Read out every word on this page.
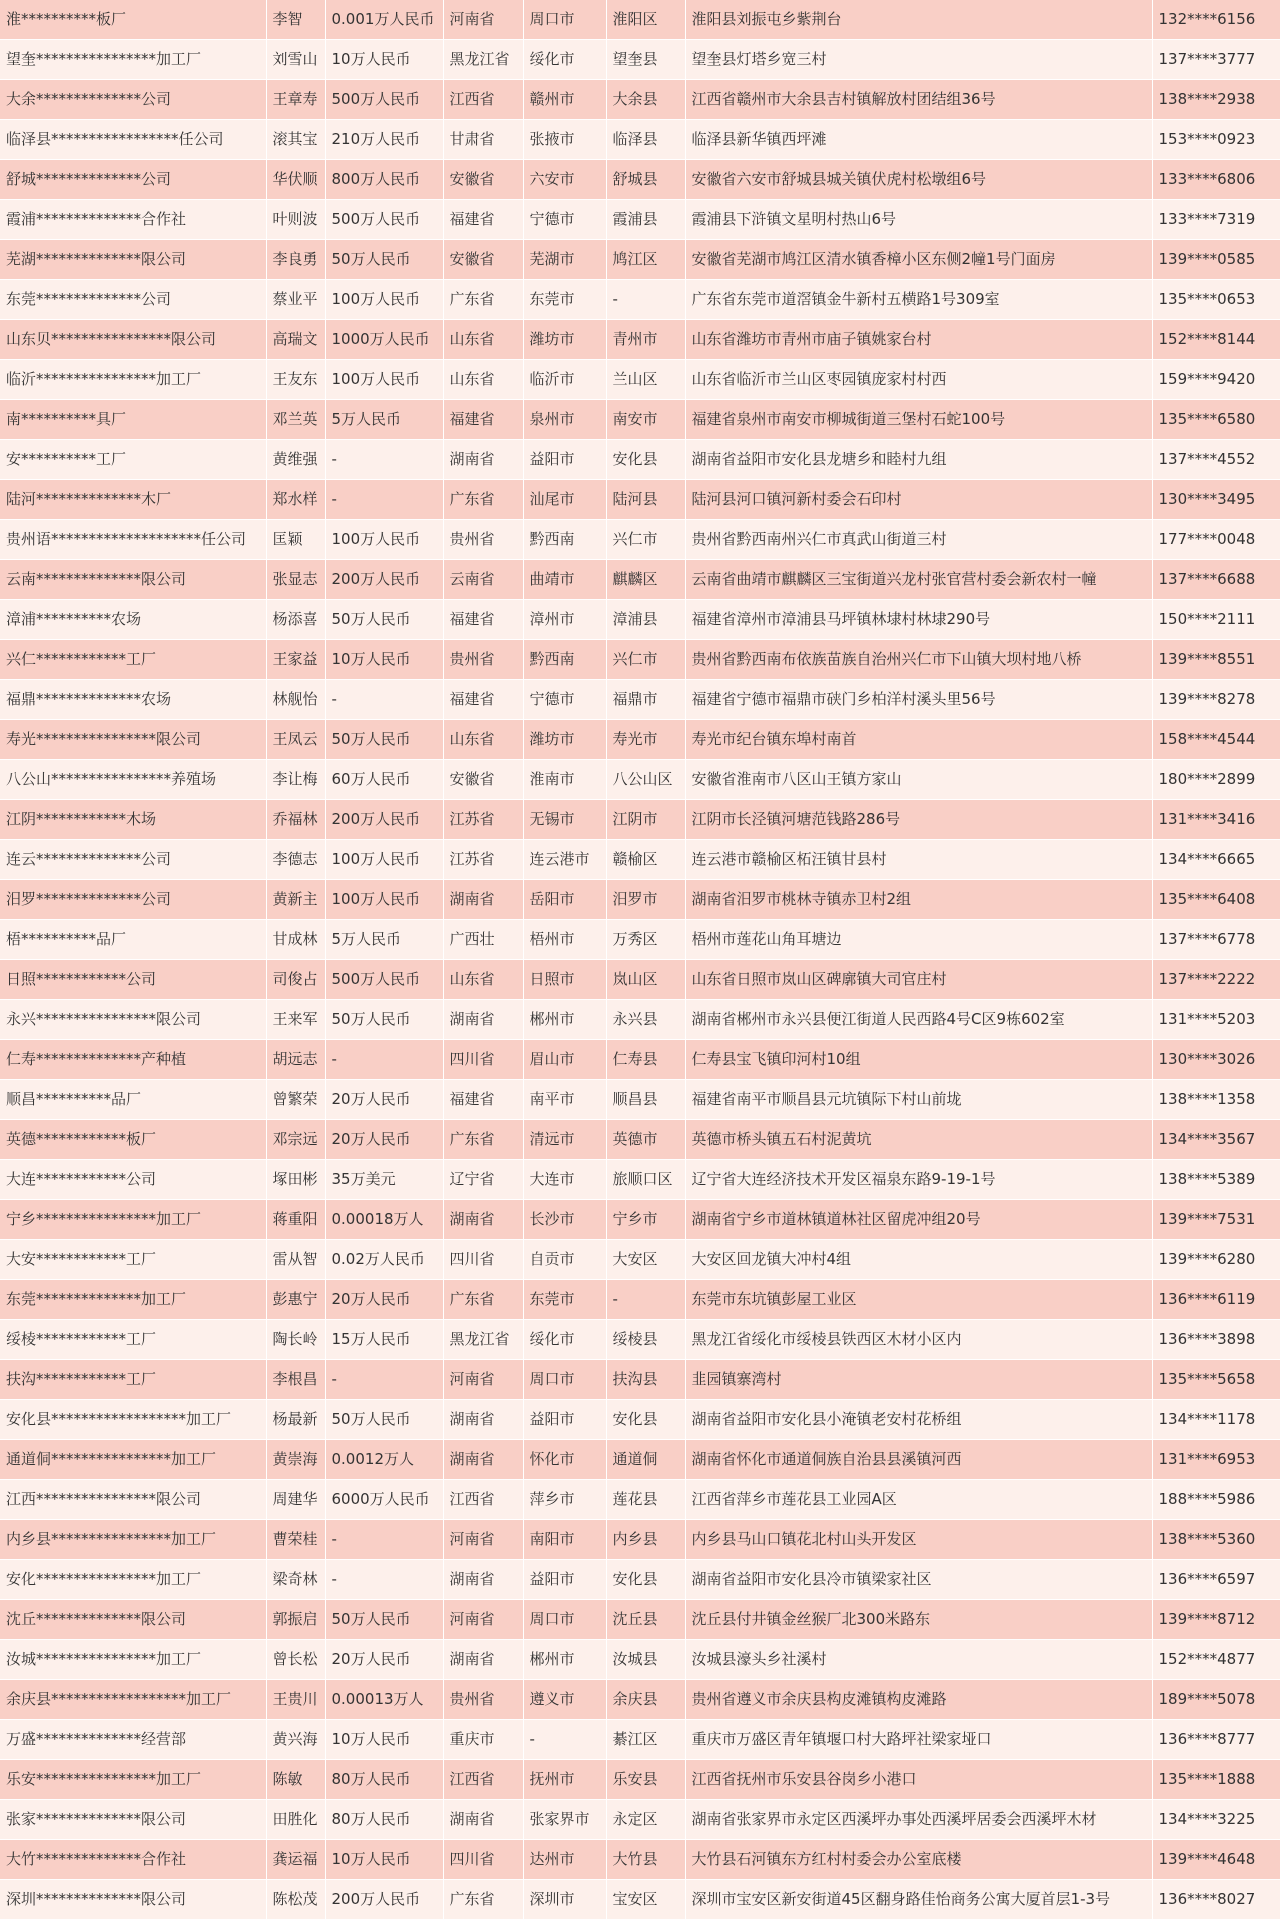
淮**********板厂	李智	0.001万人民币	河南省	周口市	淮阳区	淮阳县刘振屯乡紫荆台	132****6156
望奎****************加工厂	刘雪山	10万人民币	黑龙江省	绥化市	望奎县	望奎县灯塔乡宽三村	137****3777
大余**************公司	王章寿	500万人民币	江西省	赣州市	大余县	江西省赣州市大余县吉村镇解放村团结组36号	138****2938
临泽县*****************任公司	滚其宝	210万人民币	甘肃省	张掖市	临泽县	临泽县新华镇西坪滩	153****0923
舒城**************公司	华伏顺	800万人民币	安徽省	六安市	舒城县	安徽省六安市舒城县城关镇伏虎村松墩组6号	133****6806
霞浦**************合作社	叶则波	500万人民币	福建省	宁德市	霞浦县	霞浦县下浒镇文星明村热山6号	133****7319
芜湖**************限公司	李良勇	50万人民币	安徽省	芜湖市	鸠江区	安徽省芜湖市鸠江区清水镇香樟小区东侧2幢1号门面房	139****0585
东莞**************公司	蔡业平	100万人民币	广东省	东莞市	-	广东省东莞市道滘镇金牛新村五横路1号309室	135****0653
山东贝****************限公司	高瑞文	1000万人民币	山东省	潍坊市	青州市	山东省潍坊市青州市庙子镇姚家台村	152****8144
临沂****************加工厂	王友东	100万人民币	山东省	临沂市	兰山区	山东省临沂市兰山区枣园镇庞家村村西	159****9420
南**********具厂	邓兰英	5万人民币	福建省	泉州市	南安市	福建省泉州市南安市柳城街道三堡村石蛇100号	135****6580
安**********工厂	黄维强	-	湖南省	益阳市	安化县	湖南省益阳市安化县龙塘乡和睦村九组	137****4552
陆河**************木厂	郑水样	-	广东省	汕尾市	陆河县	陆河县河口镇河新村委会石印村	130****3495
贵州语********************任公司	匡颖	100万人民币	贵州省	黔西南	兴仁市	贵州省黔西南州兴仁市真武山街道三村	177****0048
云南**************限公司	张显志	200万人民币	云南省	曲靖市	麒麟区	云南省曲靖市麒麟区三宝街道兴龙村张官营村委会新农村一幢	137****6688
漳浦**********农场	杨添喜	50万人民币	福建省	漳州市	漳浦县	福建省漳州市漳浦县马坪镇林埭村林埭290号	150****2111
兴仁************工厂	王家益	10万人民币	贵州省	黔西南	兴仁市	贵州省黔西南布依族苗族自治州兴仁市下山镇大坝村地八桥	139****8551
福鼎**************农场	林舰怡	-	福建省	宁德市	福鼎市	福建省宁德市福鼎市硖门乡柏洋村溪头里56号	139****8278
寿光****************限公司	王凤云	50万人民币	山东省	潍坊市	寿光市	寿光市纪台镇东埠村南首	158****4544
八公山****************养殖场	李让梅	60万人民币	安徽省	淮南市	八公山区	安徽省淮南市八区山王镇方家山	180****2899
江阴************木场	乔福林	200万人民币	江苏省	无锡市	江阴市	江阴市长泾镇河塘范钱路286号	131****3416
连云**************公司	李德志	100万人民币	江苏省	连云港市	赣榆区	连云港市赣榆区柘汪镇甘县村	134****6665
汨罗**************公司	黄新主	100万人民币	湖南省	岳阳市	汨罗市	湖南省汨罗市桃林寺镇赤卫村2组	135****6408
梧**********品厂	甘成林	5万人民币	广西壮	梧州市	万秀区	梧州市莲花山角耳塘边	137****6778
日照************公司	司俊占	500万人民币	山东省	日照市	岚山区	山东省日照市岚山区碑廓镇大司官庄村	137****2222
永兴****************限公司	王来军	50万人民币	湖南省	郴州市	永兴县	湖南省郴州市永兴县便江街道人民西路4号C区9栋602室	131****5203
仁寿**************产种植	胡远志	-	四川省	眉山市	仁寿县	仁寿县宝飞镇印河村10组	130****3026
顺昌**********品厂	曾繁荣	20万人民币	福建省	南平市	顺昌县	福建省南平市顺昌县元坑镇际下村山前垅	138****1358
英德************板厂	邓宗远	20万人民币	广东省	清远市	英德市	英德市桥头镇五石村泥黄坑	134****3567
大连************公司	塚田彬	35万美元	辽宁省	大连市	旅顺口区	辽宁省大连经济技术开发区福泉东路9-19-1号	138****5389
宁乡****************加工厂	蒋重阳	0.00018万人	湖南省	长沙市	宁乡市	湖南省宁乡市道林镇道林社区留虎冲组20号	139****7531
大安************工厂	雷从智	0.02万人民币	四川省	自贡市	大安区	大安区回龙镇大冲村4组	139****6280
东莞**************加工厂	彭惠宁	20万人民币	广东省	东莞市	-	东莞市东坑镇彭屋工业区	136****6119
绥棱************工厂	陶长岭	15万人民币	黑龙江省	绥化市	绥棱县	黑龙江省绥化市绥棱县铁西区木材小区内	136****3898
扶沟************工厂	李根昌	-	河南省	周口市	扶沟县	韭园镇寨湾村	135****5658
安化县******************加工厂	杨最新	50万人民币	湖南省	益阳市	安化县	湖南省益阳市安化县小淹镇老安村花桥组	134****1178
通道侗****************加工厂	黄崇海	0.0012万人	湖南省	怀化市	通道侗	湖南省怀化市通道侗族自治县县溪镇河西	131****6953
江西****************限公司	周建华	6000万人民币	江西省	萍乡市	莲花县	江西省萍乡市莲花县工业园A区	188****5986
内乡县****************加工厂	曹荣桂	-	河南省	南阳市	内乡县	内乡县马山口镇花北村山头开发区	138****5360
安化****************加工厂	梁奇林	-	湖南省	益阳市	安化县	湖南省益阳市安化县冷市镇梁家社区	136****6597
沈丘**************限公司	郭振启	50万人民币	河南省	周口市	沈丘县	沈丘县付井镇金丝猴厂北300米路东	139****8712
汝城****************加工厂	曾长松	20万人民币	湖南省	郴州市	汝城县	汝城县濠头乡社溪村	152****4877
余庆县******************加工厂	王贵川	0.00013万人	贵州省	遵义市	余庆县	贵州省遵义市余庆县构皮滩镇构皮滩路	189****5078
万盛**************经营部	黄兴海	10万人民币	重庆市	-	綦江区	重庆市万盛区青年镇堰口村大路坪社梁家垭口	136****8777
乐安****************加工厂	陈敏	80万人民币	江西省	抚州市	乐安县	江西省抚州市乐安县谷岗乡小港口	135****1888
张家**************限公司	田胜化	80万人民币	湖南省	张家界市	永定区	湖南省张家界市永定区西溪坪办事处西溪坪居委会西溪坪木材	134****3225
大竹**************合作社	龚运福	10万人民币	四川省	达州市	大竹县	大竹县石河镇东方红村村委会办公室底楼	139****4648
深圳**************限公司	陈松茂	200万人民币	广东省	深圳市	宝安区	深圳市宝安区新安街道45区翻身路佳怡商务公寓大厦首层1-3号	136****8027
